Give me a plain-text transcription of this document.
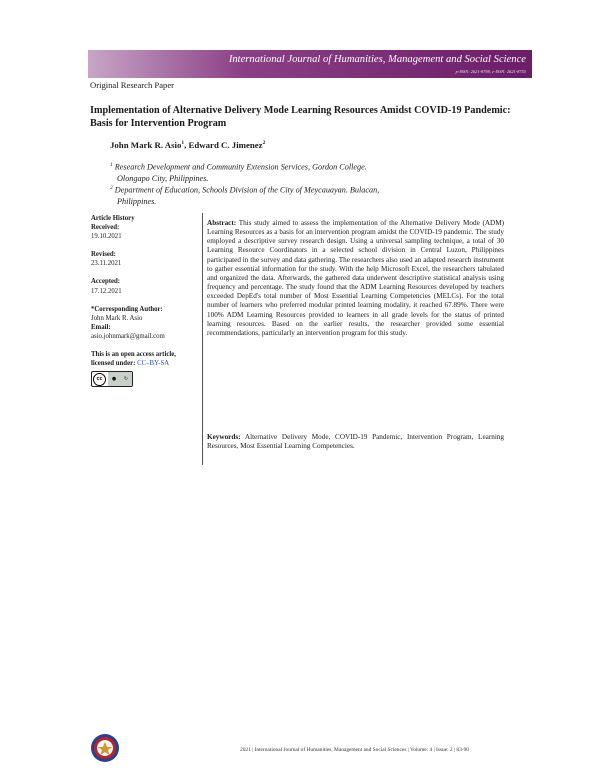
International Journal of Humanities, Management and Social Science
p-ISSN: 2621-8798, e-ISSN: 2621-8755
Original Research Paper
Implementation of Alternative Delivery Mode Learning Resources Amidst COVID-19 Pandemic: Basis for Intervention Program
John Mark R. Asio$^1$, Edward C. Jimenez$^2$
$^1$ Research Development and Community Extension Services, Gordon College.
Olongapo City, Philippines.
$^2$ Department of Education, Schools Division of the City of Meycauayan. Bulacan,
Philippines.
Article History
Received:
19.10.2021
Revised:
23.11.2021
Accepted:
17.12.2021
*Corresponding Author:
John Mark R. Asio
Email:
asio.johnmark@gmail.com
This is an open access article,
licensed under: CC–BY-SA
cc	● ↻
Abstract: This study aimed to assess the implementation of the Alternative Delivery Mode (ADM) Learning Resources as a basis for an intervention program amidst the COVID-19 pandemic. The study employed a descriptive survey research design. Using a universal sampling technique, a total of 30 Learning Resource Coordinators in a selected school division in Central Luzon, Philippines participated in the survey and data gathering. The researchers also used an adapted research instrument to gather essential information for the study. With the help Microsoft Excel, the researchers tabulated and organized the data. Afterwards, the gathered data underwent descriptive statistical analysis using frequency and percentage. The study found that the ADM Learning Resources developed by teachers exceeded DepEd's total number of Most Essential Learning Competencies (MELCs). For the total number of learners who preferred modular printed learning modality, it reached 67.89%. There were 100% ADM Learning Resources provided to learners in all grade levels for the status of printed learning resources. Based on the earlier results, the researcher provided some essential recommendations, particularly an intervention program for this study.
Keywords: Alternative Delivery Mode, COVID-19 Pandemic, Intervention Program, Learning Resources, Most Essential Learning Competencies.
2021 | International Journal of Humanities, Management and Social Sciences | Volume: 4 | Issue: 2 | 83-90
